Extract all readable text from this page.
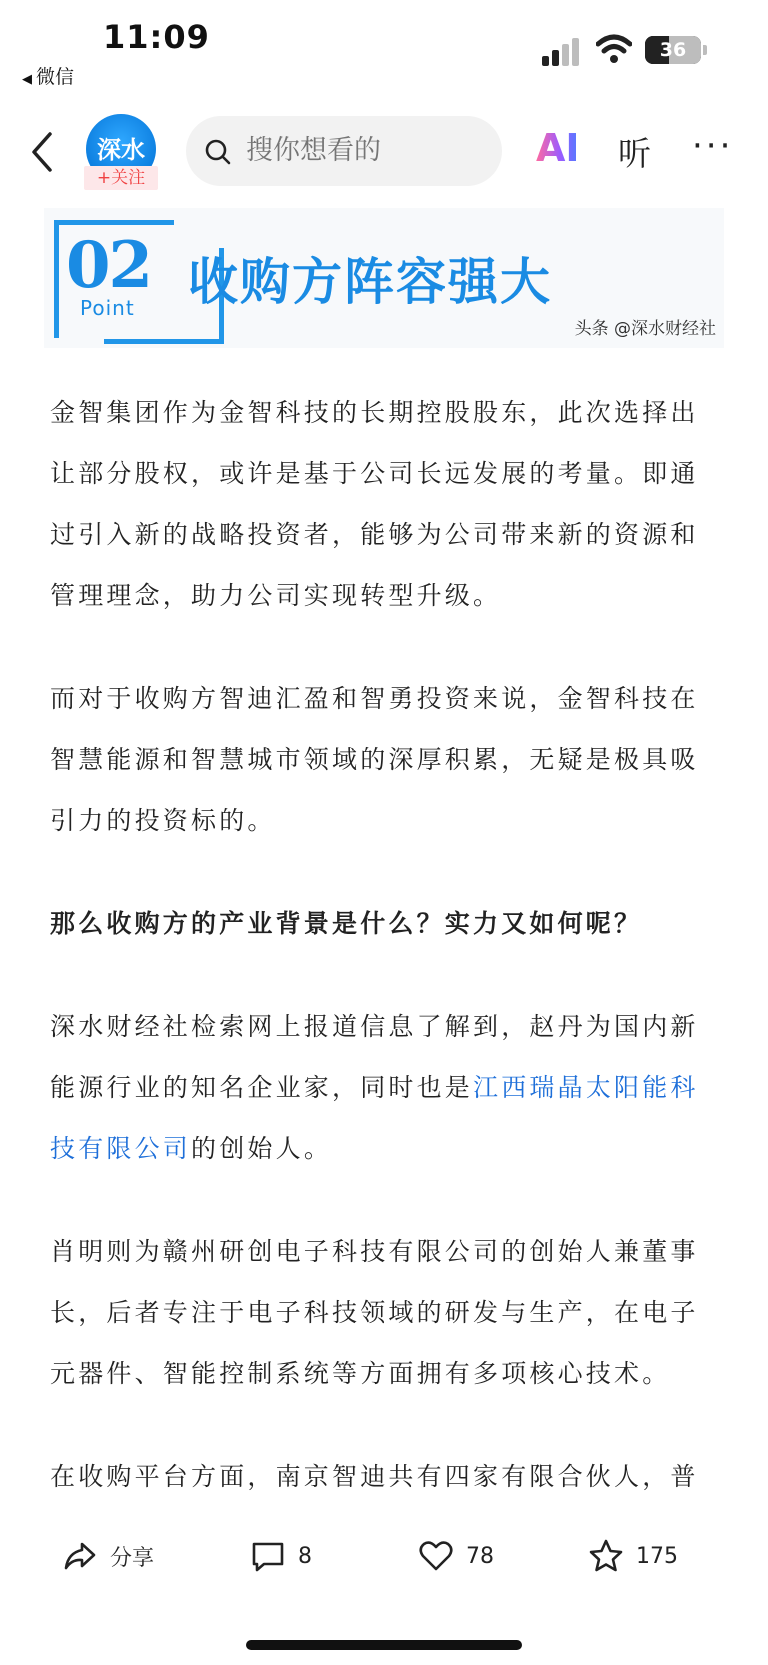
11:09
◀ 微信
36
深水
+关注
搜你想看的
AI 听 ···
02
Point 收购方阵容强大
头条 @深水财经社

金智集团作为金智科技的长期控股股东，此次选择出让部分股权，或许是基于公司长远发展的考量。即通过引入新的战略投资者，能够为公司带来新的资源和管理理念，助力公司实现转型升级。

而对于收购方智迪汇盈和智勇投资来说，金智科技在智慧能源和智慧城市领域的深厚积累，无疑是极具吸引力的投资标的。

那么收购方的产业背景是什么？实力又如何呢？

深水财经社检索网上报道信息了解到，赵丹为国内新能源行业的知名企业家，同时也是江西瑞晶太阳能科技有限公司的创始人。

肖明则为赣州研创电子科技有限公司的创始人兼董事长，后者专注于电子科技领域的研发与生产，在电子元器件、智能控制系统等方面拥有多项核心技术。

在收购平台方面，南京智迪共有四家有限合伙人，普

分享	8	78	175
